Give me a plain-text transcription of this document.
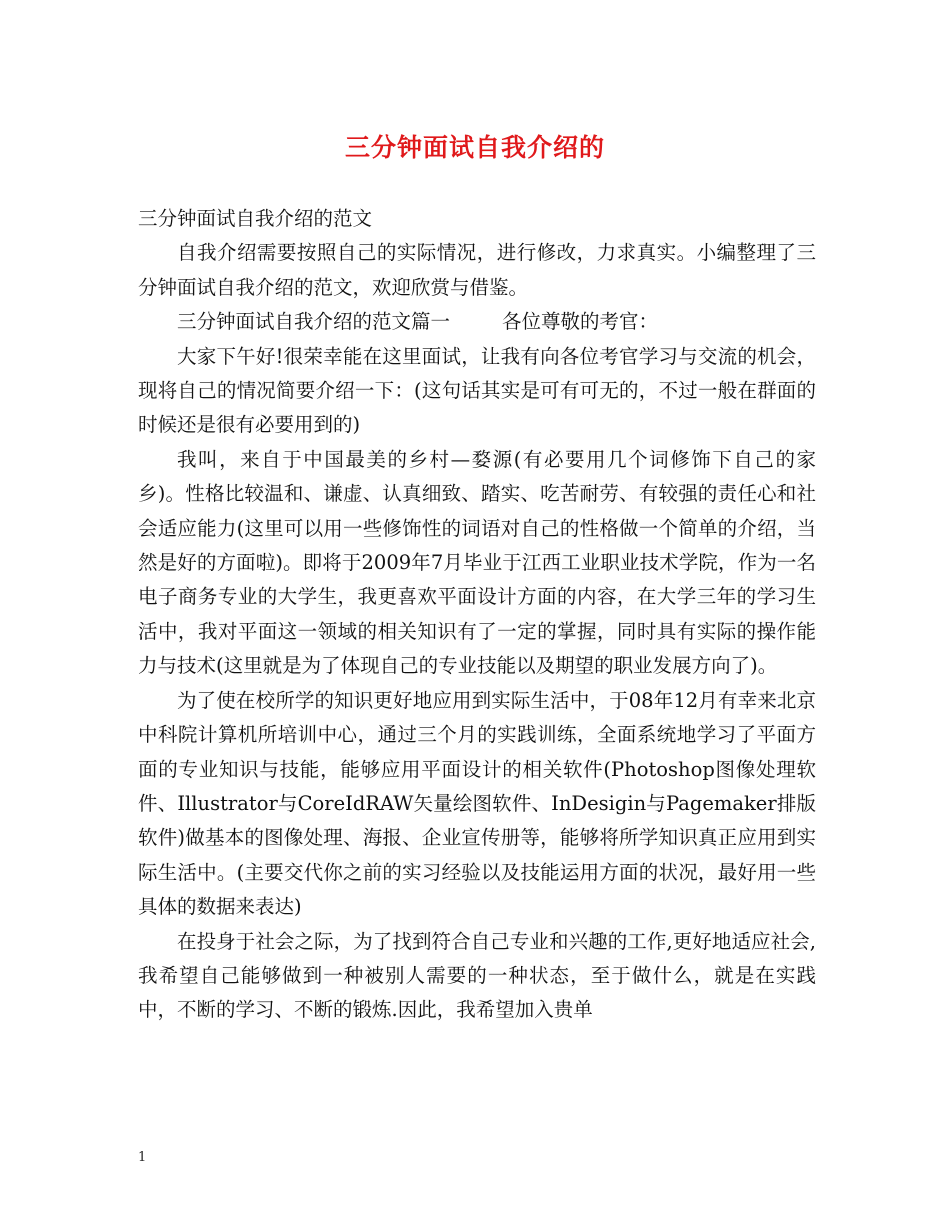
三分钟面试自我介绍的

三分钟面试自我介绍的范文

自我介绍需要按照自己的实际情况，进行修改，力求真实。小编整理了三分钟面试自我介绍的范文，欢迎欣赏与借鉴。

三分钟面试自我介绍的范文篇一	各位尊敬的考官：

大家下午好!很荣幸能在这里面试，让我有向各位考官学习与交流的机会，现将自己的情况简要介绍一下：(这句话其实是可有可无的，不过一般在群面的时候还是很有必要用到的)

我叫，来自于中国最美的乡村—婺源(有必要用几个词修饰下自己的家乡)。性格比较温和、谦虚、认真细致、踏实、吃苦耐劳、有较强的责任心和社会适应能力(这里可以用一些修饰性的词语对自己的性格做一个简单的介绍，当然是好的方面啦)。即将于2009年7月毕业于江西工业职业技术学院，作为一名电子商务专业的大学生，我更喜欢平面设计方面的内容，在大学三年的学习生活中，我对平面这一领域的相关知识有了一定的掌握，同时具有实际的操作能力与技术(这里就是为了体现自己的专业技能以及期望的职业发展方向了)。

为了使在校所学的知识更好地应用到实际生活中，于08年12月有幸来北京中科院计算机所培训中心，通过三个月的实践训练，全面系统地学习了平面方面的专业知识与技能，能够应用平面设计的相关软件(Photoshop图像处理软件、Illustrator与CoreIdRAW矢量绘图软件、InDesigin与Pagemaker排版软件)做基本的图像处理、海报、企业宣传册等，能够将所学知识真正应用到实际生活中。(主要交代你之前的实习经验以及技能运用方面的状况，最好用一些具体的数据来表达)

在投身于社会之际，为了找到符合自己专业和兴趣的工作,更好地适应社会,我希望自己能够做到一种被别人需要的一种状态，至于做什么，就是在实践中，不断的学习、不断的锻炼.因此，我希望加入贵单

1
